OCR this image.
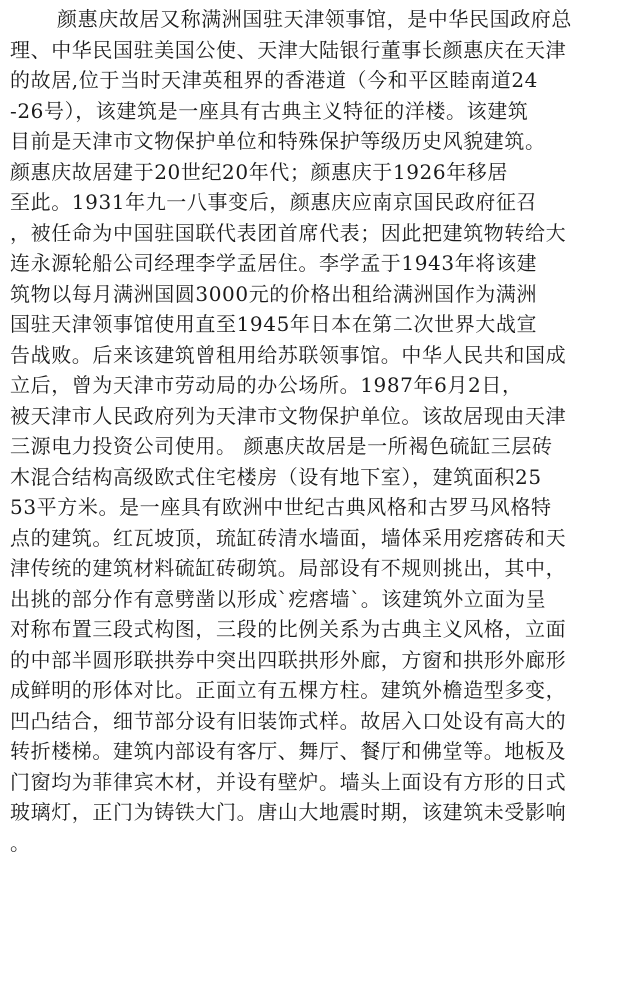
颜惠庆故居又称满洲国驻天津领事馆，是中华民国政府总
理、中华民国驻美国公使、天津大陆银行董事长颜惠庆在天津
的故居,位于当时天津英租界的香港道（今和平区睦南道24
-26号），该建筑是一座具有古典主义特征的洋楼。该建筑
目前是天津市文物保护单位和特殊保护等级历史风貌建筑。
颜惠庆故居建于20世纪20年代；颜惠庆于1926年移居
至此。1931年九一八事变后，颜惠庆应南京国民政府征召
，被任命为中国驻国联代表团首席代表；因此把建筑物转给大
连永源轮船公司经理李学孟居住。李学孟于1943年将该建
筑物以每月满洲国圆3000元的价格出租给满洲国作为满洲
国驻天津领事馆使用直至1945年日本在第二次世界大战宣
告战败。后来该建筑曾租用给苏联领事馆。中华人民共和国成
立后，曾为天津市劳动局的办公场所。1987年6月2日，
被天津市人民政府列为天津市文物保护单位。该故居现由天津
三源电力投资公司使用。 颜惠庆故居是一所褐色硫缸三层砖
木混合结构高级欧式住宅楼房（设有地下室），建筑面积25
53平方米。是一座具有欧洲中世纪古典风格和古罗马风格特
点的建筑。红瓦坡顶，琉缸砖清水墙面，墙体采用疙瘩砖和天
津传统的建筑材料硫缸砖砌筑。局部设有不规则挑出，其中，
出挑的部分作有意劈凿以形成`疙瘩墙`。该建筑外立面为呈
对称布置三段式构图，三段的比例关系为古典主义风格，立面
的中部半圆形联拱券中突出四联拱形外廊，方窗和拱形外廊形
成鲜明的形体对比。正面立有五棵方柱。建筑外檐造型多变，
凹凸结合，细节部分设有旧装饰式样。故居入口处设有高大的
转折楼梯。建筑内部设有客厅、舞厅、餐厅和佛堂等。地板及
门窗均为菲律宾木材，并设有壁炉。墙头上面设有方形的日式
玻璃灯，正门为铸铁大门。唐山大地震时期，该建筑未受影响
。
